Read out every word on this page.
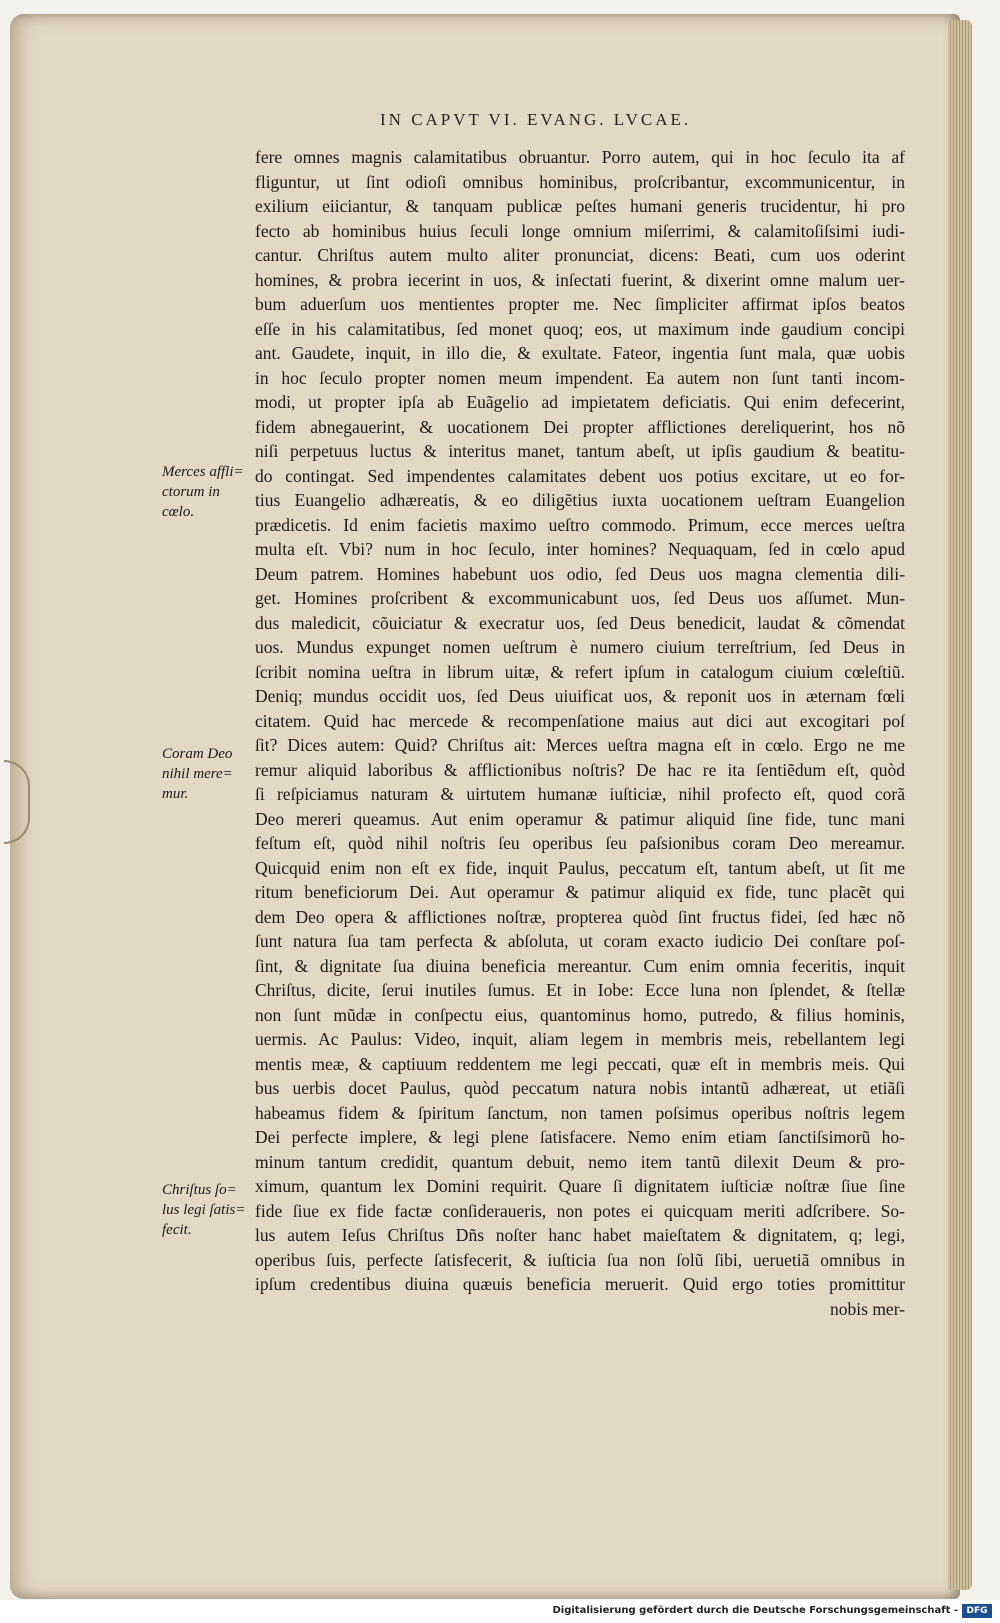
IN CAPVT VI. EVANG. LVCAE.
fere omnes magnis calamitatibus obruantur. Porro autem, qui in hoc ſeculo ita af
fliguntur, ut ſint odioſi omnibus hominibus, proſcribantur, excommunicentur, in
exilium eiiciantur, & tanquam publicæ peſtes humani generis trucidentur, hi pro
fecto ab hominibus huius ſeculi longe omnium miſerrimi, & calamitoſiſsimi iudi-
cantur. Chriſtus autem multo aliter pronunciat, dicens: Beati, cum uos oderint
homines, & probra iecerint in uos, & inſectati fuerint, & dixerint omne malum uer-
bum aduerſum uos mentientes propter me. Nec ſimpliciter affirmat ipſos beatos
eſſe in his calamitatibus, ſed monet quoq; eos, ut maximum inde gaudium concipi
ant. Gaudete, inquit, in illo die, & exultate. Fateor, ingentia ſunt mala, quæ uobis
in hoc ſeculo propter nomen meum impendent. Ea autem non ſunt tanti incom-
modi, ut propter ipſa ab Euãgelio ad impietatem deficiatis. Qui enim defecerint,
fidem abnegauerint, & uocationem Dei propter afflictiones dereliquerint, hos nõ
niſi perpetuus luctus & interitus manet, tantum abeſt, ut ipſis gaudium & beatitu-
do contingat. Sed impendentes calamitates debent uos potius excitare, ut eo for-
tius Euangelio adhæreatis, & eo diligẽtius iuxta uocationem ueſtram Euangelion
prædicetis. Id enim facietis maximo ueſtro commodo. Primum, ecce merces ueſtra
multa eſt. Vbi? num in hoc ſeculo, inter homines? Nequaquam, ſed in cœlo apud
Deum patrem. Homines habebunt uos odio, ſed Deus uos magna clementia dili-
get. Homines proſcribent & excommunicabunt uos, ſed Deus uos aſſumet. Mun-
dus maledicit, cõuiciatur & execratur uos, ſed Deus benedicit, laudat & cõmendat
uos. Mundus expunget nomen ueſtrum è numero ciuium terreſtrium, ſed Deus in
ſcribit nomina ueſtra in librum uitæ, & refert ipſum in catalogum ciuium cœleſtiũ.
Deniq; mundus occidit uos, ſed Deus uiuificat uos, & reponit uos in æternam fœli
citatem. Quid hac mercede & recompenſatione maius aut dici aut excogitari poſ
ſit? Dices autem: Quid? Chriſtus ait: Merces ueſtra magna eſt in cœlo. Ergo ne me
remur aliquid laboribus & afflictionibus noſtris? De hac re ita ſentiẽdum eſt, quòd
ſi reſpiciamus naturam & uirtutem humanæ iuſticiæ, nihil profecto eſt, quod corã
Deo mereri queamus. Aut enim operamur & patimur aliquid ſine fide, tunc mani
feſtum eſt, quòd nihil noſtris ſeu operibus ſeu paſsionibus coram Deo mereamur.
Quicquid enim non eſt ex fide, inquit Paulus, peccatum eſt, tantum abeſt, ut ſit me
ritum beneficiorum Dei. Aut operamur & patimur aliquid ex fide, tunc placẽt qui
dem Deo opera & afflictiones noſtræ, propterea quòd ſint fructus fidei, ſed hæc nõ
ſunt natura ſua tam perfecta & abſoluta, ut coram exacto iudicio Dei conſtare poſ-
ſint, & dignitate ſua diuina beneficia mereantur. Cum enim omnia feceritis, inquit
Chriſtus, dicite, ſerui inutiles ſumus. Et in Iobe: Ecce luna non ſplendet, & ſtellæ
non ſunt mũdæ in conſpectu eius, quantominus homo, putredo, & filius hominis,
uermis. Ac Paulus: Video, inquit, aliam legem in membris meis, rebellantem legi
mentis meæ, & captiuum reddentem me legi peccati, quæ eſt in membris meis. Qui
bus uerbis docet Paulus, quòd peccatum natura nobis intantũ adhæreat, ut etiãſi
habeamus fidem & ſpiritum ſanctum, non tamen poſsimus operibus noſtris legem
Dei perfecte implere, & legi plene ſatisfacere. Nemo enim etiam ſanctiſsimorũ ho-
minum tantum credidit, quantum debuit, nemo item tantũ dilexit Deum & pro-
ximum, quantum lex Domini requirit. Quare ſi dignitatem iuſticiæ noſtræ ſiue ſine
fide ſiue ex fide factæ conſideraueris, non potes ei quicquam meriti adſcribere. So-
lus autem Ieſus Chriſtus Dñs noſter hanc habet maieſtatem & dignitatem, q; legi,
operibus ſuis, perfecte ſatisfecerit, & iuſticia ſua non ſolũ ſibi, ueruetiã omnibus in
ipſum credentibus diuina quæuis beneficia meruerit. Quid ergo toties promittitur
nobis mer-
Merces affli=
ctorum in
cœlo.
Coram Deo
nihil mere=
mur.
Chriſtus ſo=
lus legi ſatis=
fecit.
Digitalisierung gefördert durch die Deutsche Forschungsgemeinschaft - DFG
